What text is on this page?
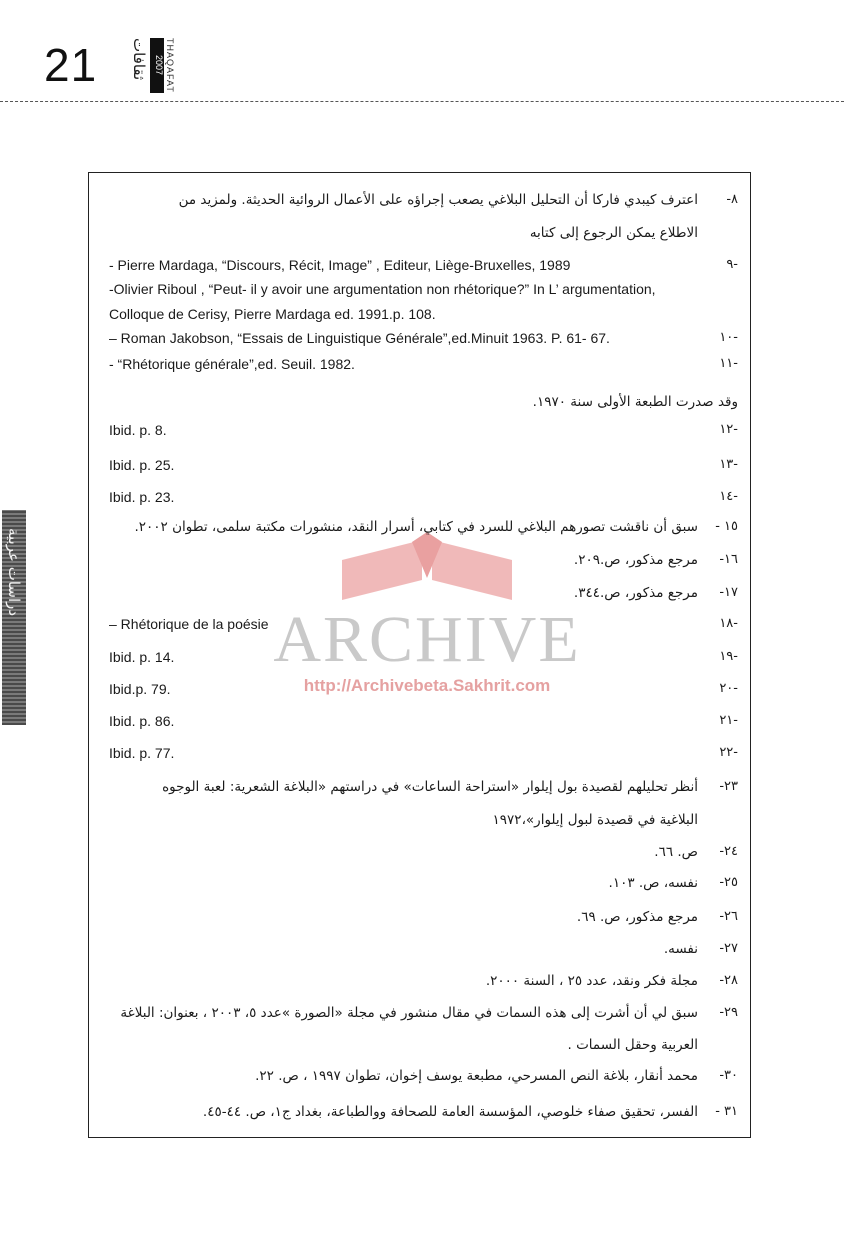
21 ثقافات 2007 THAQAFAT
دراسات عربية
ARCHIVE
http://Archivebeta.Sakhrit.com
٨-
اعترف كيبدي فاركا أن التحليل البلاغي يصعب إجراؤه على الأعمال الروائية الحديثة. ولمزيد من
الاطلاع يمكن الرجوع إلى كتابه
-٩
- Pierre Mardaga, “Discours, Récit, Image” , Editeur, Liège-Bruxelles, 1989
-Olivier Riboul , “Peut- il y avoir une argumentation non rhétorique?” In L’ argumentation,
Colloque de Cerisy, Pierre Mardaga ed. 1991.p. 108.
-١٠
– Roman Jakobson, “Essais de Linguistique Générale”,ed.Minuit 1963. P. 61- 67.
-١١
- “Rhétorique générale”,ed. Seuil. 1982.
وقد صدرت الطبعة الأولى سنة ١٩٧٠.
-١٢
Ibid. p. 8.
-١٣
Ibid. p. 25.
-١٤
Ibid. p. 23.
١٥ -
سبق أن ناقشت تصورهم البلاغي للسرد في كتابي، أسرار النقد، منشورات مكتبة سلمى، تطوان ٢٠٠٢.
١٦-
مرجع مذكور، ص.٢٠٩.
١٧-
مرجع مذكور، ص.٣٤٤.
-١٨
– Rhétorique de la poésie
-١٩
Ibid. p. 14.
-٢٠
Ibid.p. 79.
-٢١
Ibid. p. 86.
-٢٢
Ibid. p. 77.
٢٣-
أنظر تحليلهم لقصيدة بول إيلوار «استراحة الساعات» في دراستهم «البلاغة الشعرية: لعبة الوجوه
البلاغية في قصيدة لبول إيلوار»،١٩٧٢
٢٤-
ص. ٦٦.
٢٥-
نفسه، ص. ١٠٣.
٢٦-
مرجع مذكور، ص. ٦٩.
٢٧-
نفسه.
٢٨-
مجلة فكر ونقد، عدد ٢٥ ، السنة ٢٠٠٠.
٢٩-
سبق لي أن أشرت إلى هذه السمات في مقال منشور في مجلة «الصورة »عدد ٥، ٢٠٠٣ ، بعنوان: البلاغة
العربية وحقل السمات .
٣٠-
محمد أنقار، بلاغة النص المسرحي، مطبعة يوسف إخوان، تطوان ١٩٩٧ ، ص. ٢٢.
٣١ -
الفسر، تحقيق صفاء خلوصي، المؤسسة العامة للصحافة ووالطباعة، بغداد ج١، ص. ٤٤-٤٥.
